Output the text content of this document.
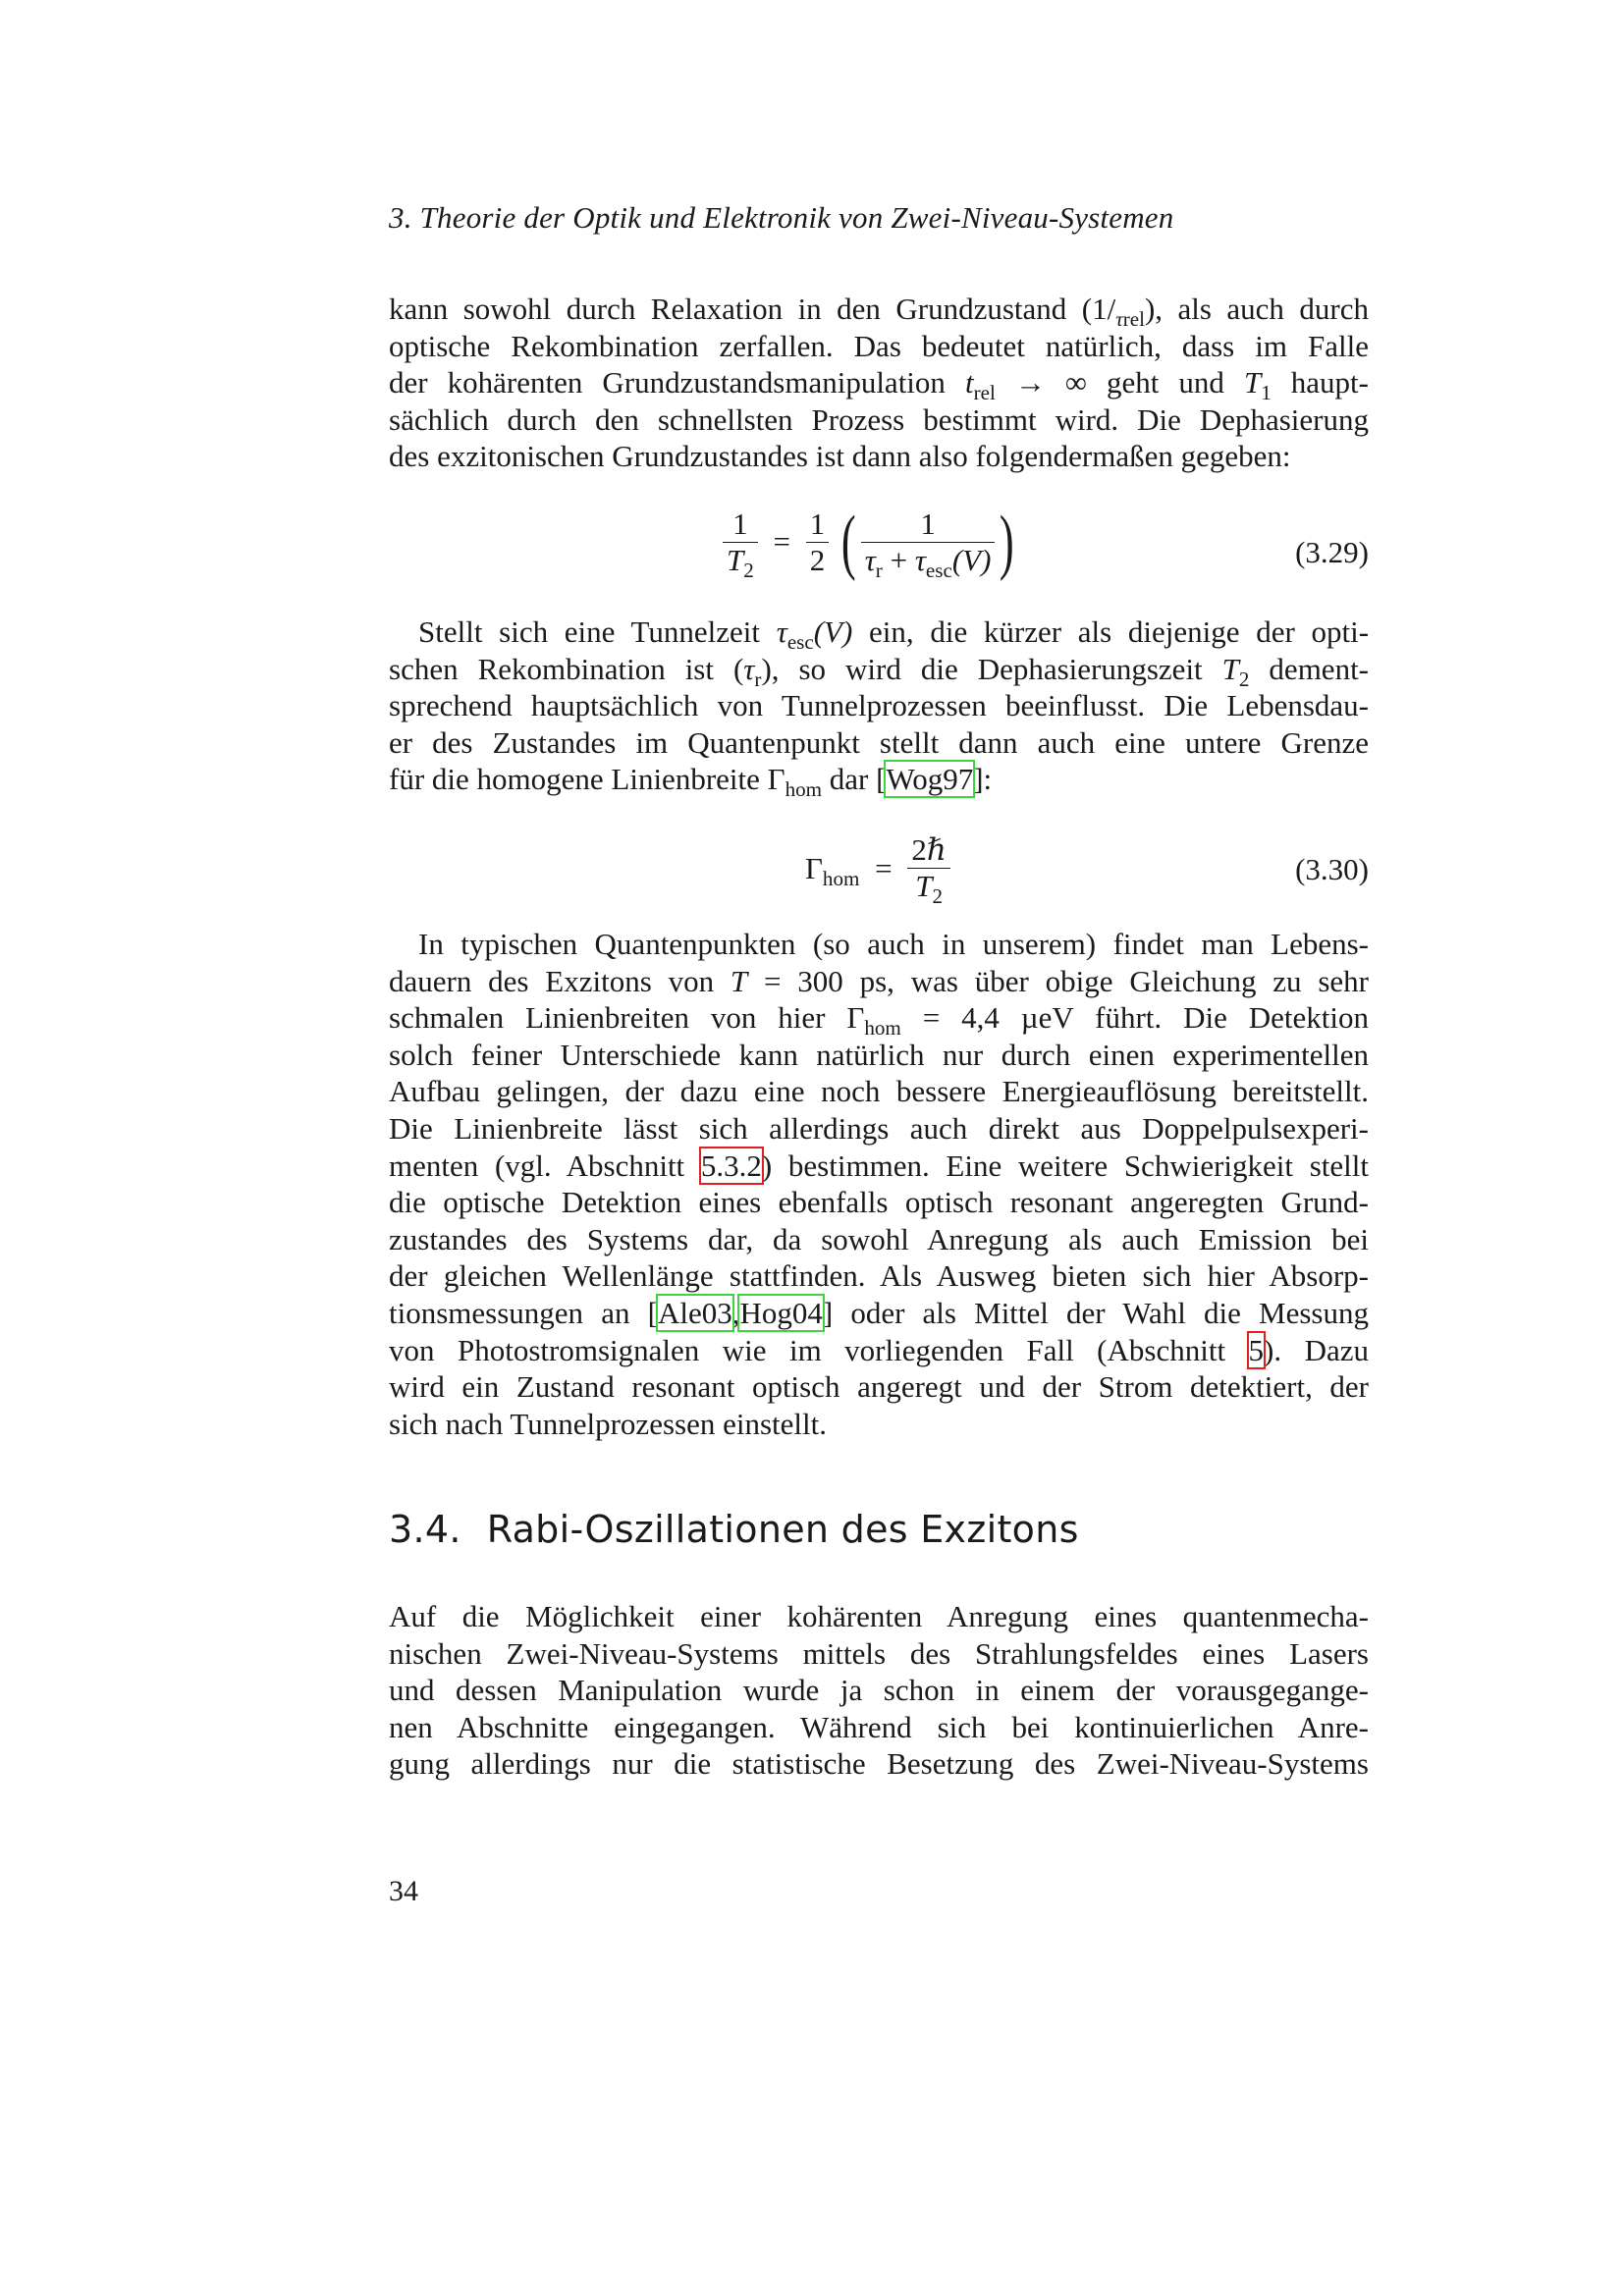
3. Theorie der Optik und Elektronik von Zwei-Niveau-Systemen
kann sowohl durch Relaxation in den Grundzustand $(1/_{\tau rel})$, als auch durch
optische Rekombination zerfallen. Das bedeutet natürlich, dass im Falle
der kohärenten Grundzustandsmanipulation $t_{rel}$ → ∞ geht und $T_1$ haupt-
sächlich durch den schnellsten Prozess bestimmt wird. Die Dephasierung
des exzitonischen Grundzustandes ist dann also folgendermaßen gegeben:
$\frac{1}{T_2} = \frac{1}{2}$ ( $\frac{1}{\tau_r + \tau_{esc}(V)}$ )	(3.29)
Stellt sich eine Tunnelzeit $\tau_{esc}(V)$ ein, die kürzer als diejenige der opti-
schen Rekombination ist $(\tau_r)$, so wird die Dephasierungszeit $T_2$ dement-
sprechend hauptsächlich von Tunnelprozessen beeinflusst. Die Lebensdau-
er des Zustandes im Quantenpunkt stellt dann auch eine untere Grenze
für die homogene Linienbreite $\Gamma_{hom}$ dar [Wog97]:
$\Gamma_{hom} = \frac{\text{2ℏ}}{T_2}$	(3.30)
In typischen Quantenpunkten (so auch in unserem) findet man Lebens-
dauern des Exzitons von T = 300 ps, was über obige Gleichung zu sehr
schmalen Linienbreiten von hier $\Gamma_{hom} = 4,4$ µeV führt. Die Detektion
solch feiner Unterschiede kann natürlich nur durch einen experimentellen
Aufbau gelingen, der dazu eine noch bessere Energieauflösung bereitstellt.
Die Linienbreite lässt sich allerdings auch direkt aus Doppelpulsexperi-
menten (vgl. Abschnitt 5.3.2) bestimmen. Eine weitere Schwierigkeit stellt
die optische Detektion eines ebenfalls optisch resonant angeregten Grund-
zustandes des Systems dar, da sowohl Anregung als auch Emission bei
der gleichen Wellenlänge stattfinden. Als Ausweg bieten sich hier Absorp-
tionsmessungen an [Ale03,Hog04] oder als Mittel der Wahl die Messung
von Photostromsignalen wie im vorliegenden Fall (Abschnitt 5). Dazu
wird ein Zustand resonant optisch angeregt und der Strom detektiert, der
sich nach Tunnelprozessen einstellt.
3.4. Rabi-Oszillationen des Exzitons
Auf die Möglichkeit einer kohärenten Anregung eines quantenmecha-
nischen Zwei-Niveau-Systems mittels des Strahlungsfeldes eines Lasers
und dessen Manipulation wurde ja schon in einem der vorausgegange-
nen Abschnitte eingegangen. Während sich bei kontinuierlichen Anre-
gung allerdings nur die statistische Besetzung des Zwei-Niveau-Systems
34
